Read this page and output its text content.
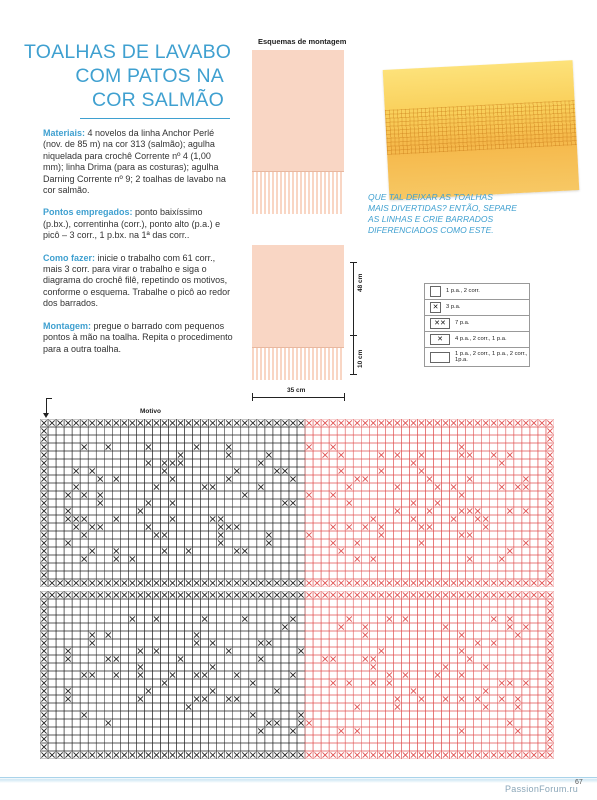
TOALHAS DE LAVABO
COM PATOS NA
COR SALMÃO

Materiais: 4 novelos da linha Anchor Perlé (nov. de 85 m) na cor 313 (salmão); agulha niquelada para crochê Corrente nº 4 (1,00 mm); linha Drima (para as costuras); agulha Darning Corrente nº 9; 2 toalhas de lavabo na cor salmão.

Pontos empregados: ponto baixíssimo (p.bx.), correntinha (corr.), ponto alto (p.a.) e picô – 3 corr., 1 p.bx. na 1ª das corr..

Como fazer: inicie o trabalho com 61 corr., mais 3 corr. para virar o trabalho e siga o diagrama do crochê filê, repetindo os motivos, conforme o esquema. Trabalhe o picô ao redor dos barrados.

Montagem: pregue o barrado com pequenos pontos à mão na toalha. Repita o procedimento para a outra toalha.

Esquemas de montagem
48 cm
10 cm
35 cm
QUE TAL DEIXAR AS TOALHAS
MAIS DIVERTIDAS? ENTÃO, SEPARE
AS LINHAS E CRIE BARRADOS
DIFERENCIADOS COMO ESTE.
1 p.a., 2 corr.
✕	3 p.a.
✕✕	7 p.a.
✕	4 p.a., 2 corr., 1 p.a.
1 p.a., 2 corr., 1 p.a., 2 corr., 1p.a.
Motivo
67
PassionForum.ru
